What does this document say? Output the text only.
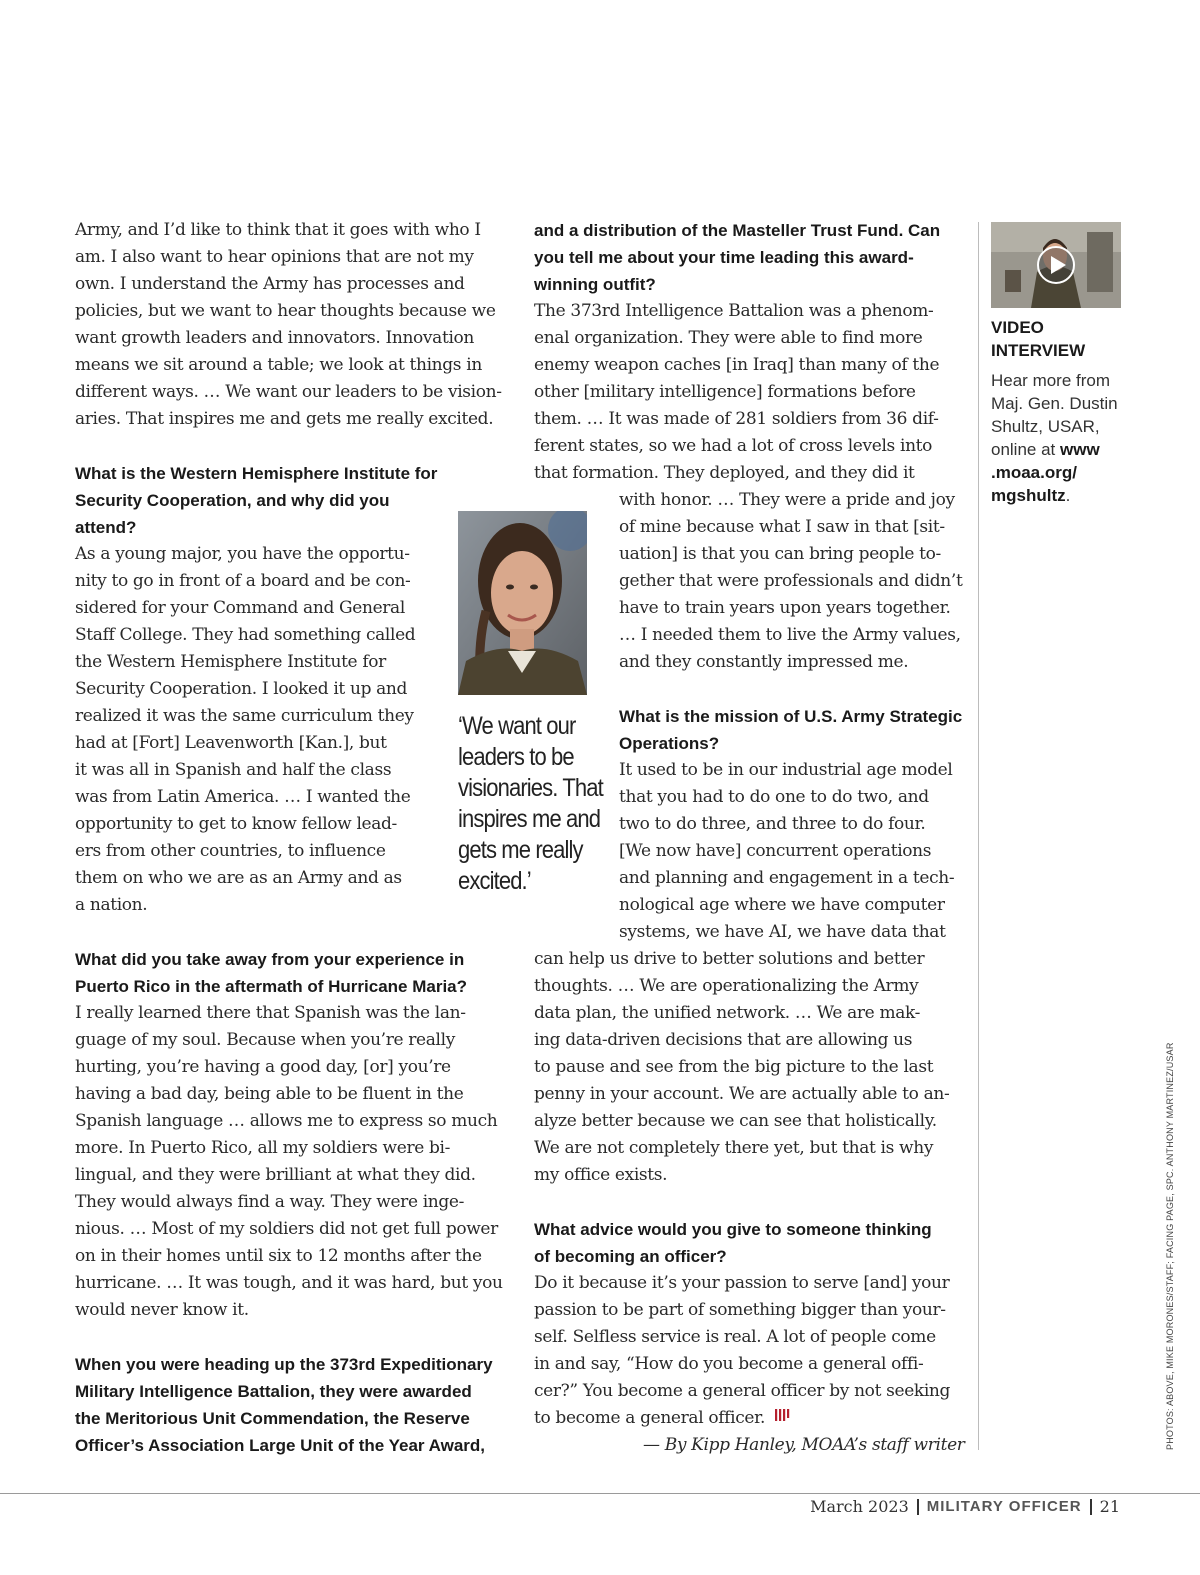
Army, and I’d like to think that it goes with who I
am. I also want to hear opinions that are not my
own. I understand the Army has processes and
policies, but we want to hear thoughts because we
want growth leaders and innovators. Innovation
means we sit around a table; we look at things in
different ways. … We want our leaders to be vision-
aries. That inspires me and gets me really excited.
What is the Western Hemisphere Institute for
Security Cooperation, and why did you
attend?
As a young major, you have the opportu-
nity to go in front of a board and be con-
sidered for your Command and General
Staff College. They had something called
the Western Hemisphere Institute for
Security Cooperation. I looked it up and
realized it was the same curriculum they
had at [Fort] Leavenworth [Kan.], but
it was all in Spanish and half the class
was from Latin America. … I wanted the
opportunity to get to know fellow lead-
ers from other countries, to influence
them on who we are as an Army and as
a nation.
What did you take away from your experience in
Puerto Rico in the aftermath of Hurricane Maria?
I really learned there that Spanish was the lan-
guage of my soul. Because when you’re really
hurting, you’re having a good day, [or] you’re
having a bad day, being able to be fluent in the
Spanish language … allows me to express so much
more. In Puerto Rico, all my soldiers were bi-
lingual, and they were brilliant at what they did.
They would always find a way. They were inge-
nious. … Most of my soldiers did not get full power
on in their homes until six to 12 months after the
hurricane. … It was tough, and it was hard, but you
would never know it.
When you were heading up the 373rd Expeditionary
Military Intelligence Battalion, they were awarded
the Meritorious Unit Commendation, the Reserve
Officer’s Association Large Unit of the Year Award,
‘We want our
leaders to be
visionaries. That
inspires me and
gets me really
excited.’
and a distribution of the Masteller Trust Fund. Can
you tell me about your time leading this award-
winning outfit?
The 373rd Intelligence Battalion was a phenom-
enal organization. They were able to find more
enemy weapon caches [in Iraq] than many of the
other [military intelligence] formations before
them. … It was made of 281 soldiers from 36 dif-
ferent states, so we had a lot of cross levels into
that formation. They deployed, and they did it
with honor. … They were a pride and joy
of mine because what I saw in that [sit-
uation] is that you can bring people to-
gether that were professionals and didn’t
have to train years upon years together.
… I needed them to live the Army values,
and they constantly impressed me.
What is the mission of U.S. Army Strategic
Operations?
It used to be in our industrial age model
that you had to do one to do two, and
two to do three, and three to do four.
[We now have] concurrent operations
and planning and engagement in a tech-
nological age where we have computer
systems, we have AI, we have data that
can help us drive to better solutions and better
thoughts. … We are operationalizing the Army
data plan, the unified network. … We are mak-
ing data-driven decisions that are allowing us
to pause and see from the big picture to the last
penny in your account. We are actually able to an-
alyze better because we can see that holistically.
We are not completely there yet, but that is why
my office exists.
What advice would you give to someone thinking
of becoming an officer?
Do it because it’s your passion to serve [and] your
passion to be part of something bigger than your-
self. Selfless service is real. A lot of people come
in and say, “How do you become a general offi-
cer?” You become a general officer by not seeking
to become a general officer.
— By Kipp Hanley, MOAA’s staff writer
VIDEO
INTERVIEW
Hear more from
Maj. Gen. Dustin
Shultz, USAR,
online at www
.moaa.org/
mgshultz.
PHOTOS: ABOVE, MIKE MORONES/STAFF; FACING PAGE, SPC. ANTHONY MARTINEZ/USAR
March 2023 MILITARY OFFICER 21
